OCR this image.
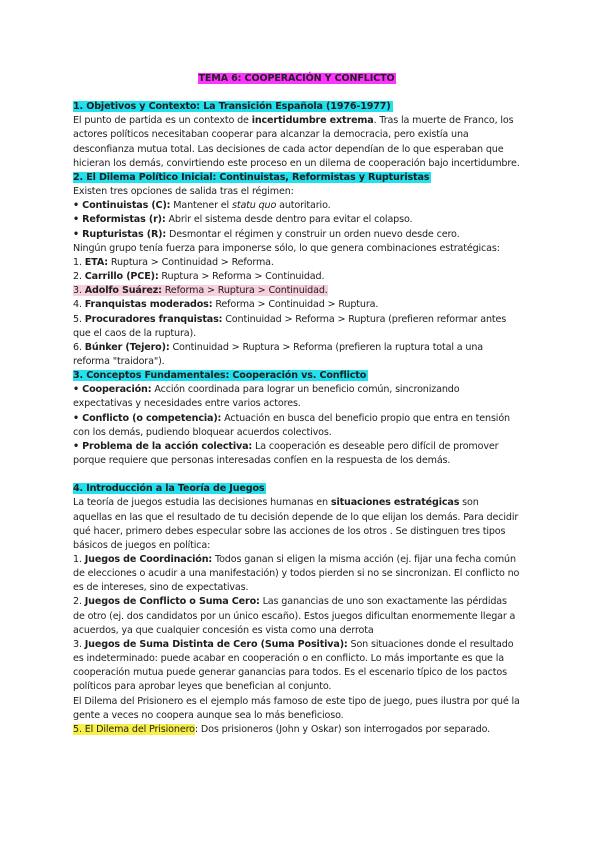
TEMA 6: COOPERACIÓN Y CONFLICTO

1. Objetivos y Contexto: La Transición Española (1976-1977)

El punto de partida es un contexto de incertidumbre extrema. Tras la muerte de Franco, los actores políticos necesitaban cooperar para alcanzar la democracia, pero existía una desconfianza mutua total. Las decisiones de cada actor dependían de lo que esperaban que hicieran los demás, convirtiendo este proceso en un dilema de cooperación bajo incertidumbre.

2. El Dilema Político Inicial: Continuistas, Reformistas y Rupturistas

Existen tres opciones de salida tras el régimen:

• Continuistas (C): Mantener el statu quo autoritario.

• Reformistas (r): Abrir el sistema desde dentro para evitar el colapso.

• Rupturistas (R): Desmontar el régimen y construir un orden nuevo desde cero.

Ningún grupo tenía fuerza para imponerse sólo, lo que genera combinaciones estratégicas:

1. ETA: Ruptura > Continuidad > Reforma.

2. Carrillo (PCE): Ruptura > Reforma > Continuidad.

3. Adolfo Suárez: Reforma > Ruptura > Continuidad.

4. Franquistas moderados: Reforma > Continuidad > Ruptura.

5. Procuradores franquistas: Continuidad > Reforma > Ruptura (prefieren reformar antes que el caos de la ruptura).

6. Búnker (Tejero): Continuidad > Ruptura > Reforma (prefieren la ruptura total a una reforma "traidora").

3. Conceptos Fundamentales: Cooperación vs. Conflicto

• Cooperación: Acción coordinada para lograr un beneficio común, sincronizando expectativas y necesidades entre varios actores.

• Conflicto (o competencia): Actuación en busca del beneficio propio que entra en tensión con los demás, pudiendo bloquear acuerdos colectivos.

• Problema de la acción colectiva: La cooperación es deseable pero difícil de promover porque requiere que personas interesadas confíen en la respuesta de los demás.

4. Introducción a la Teoría de Juegos

La teoría de juegos estudia las decisiones humanas en situaciones estratégicas son aquellas en las que el resultado de tu decisión depende de lo que elijan los demás. Para decidir qué hacer, primero debes especular sobre las acciones de los otros . Se distinguen tres tipos básicos de juegos en política:

1. Juegos de Coordinación: Todos ganan si eligen la misma acción (ej. fijar una fecha común de elecciones o acudir a una manifestación) y todos pierden si no se sincronizan. El conflicto no es de intereses, sino de expectativas.

2. Juegos de Conflicto o Suma Cero: Las ganancias de uno son exactamente las pérdidas de otro (ej. dos candidatos por un único escaño). Estos juegos dificultan enormemente llegar a acuerdos, ya que cualquier concesión es vista como una derrota

3. Juegos de Suma Distinta de Cero (Suma Positiva): Son situaciones donde el resultado es indeterminado: puede acabar en cooperación o en conflicto. Lo más importante es que la cooperación mutua puede generar ganancias para todos. Es el escenario típico de los pactos políticos para aprobar leyes que benefician al conjunto.

El Dilema del Prisionero es el ejemplo más famoso de este tipo de juego, pues ilustra por qué la gente a veces no coopera aunque sea lo más beneficioso.

5. El Dilema del Prisionero: Dos prisioneros (John y Oskar) son interrogados por separado.
